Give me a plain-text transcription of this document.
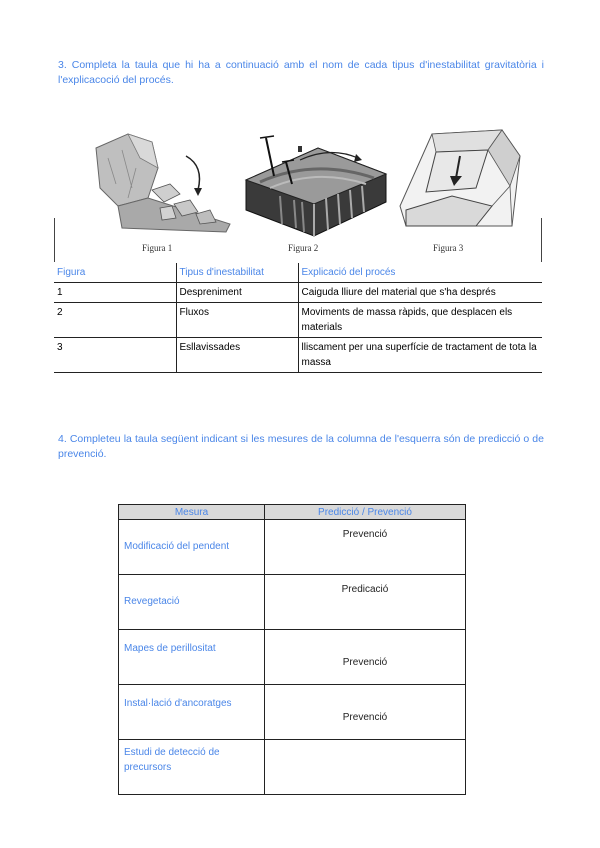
3. Completa la taula que hi ha a continuació amb el nom de cada tipus d'inestabilitat gravitatòria i l'explicacoció del procés.
Figura 1	Figura 2	Figura 3
Figura	Tipus d'inestabilitat	Explicació del procés
1	Despreniment	Caiguda lliure del material que s'ha després
2	Fluxos	Moviments de massa ràpids, que desplacen els materials
3	Esllavissades	lliscament per una superfície de tractament de tota la massa
4. Completeu la taula següent indicant si les mesures de la columna de l'esquerra són de predicció o de prevenció.
Mesura	Predicció / Prevenció

Modificació del pendent	Prevenció

Revegetació	Predicació

Mapes de perillositat	Prevenció

Instal·lació d'ancoratges	Prevenció

Estudi de detecció de precursors	
